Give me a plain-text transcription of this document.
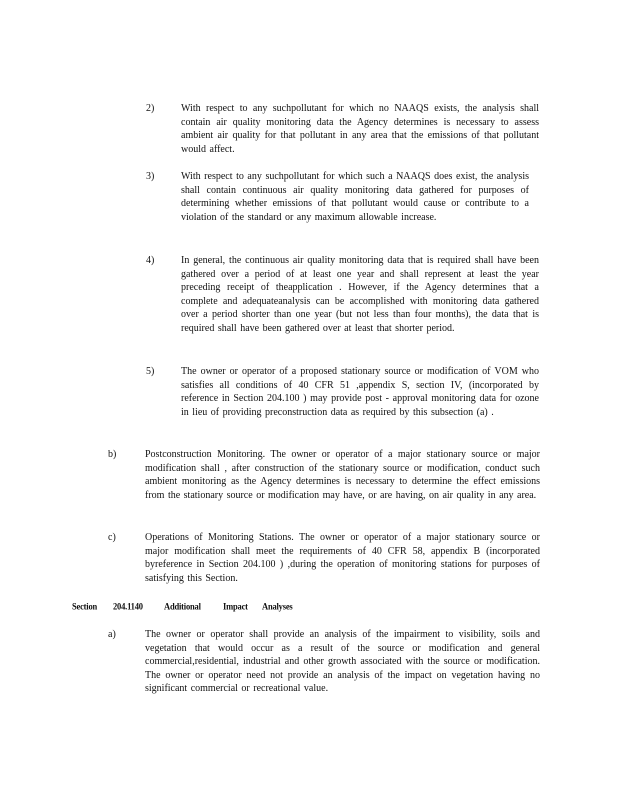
2)	With respect to any suchpollutant for which no NAAQS exists, the analysis shall contain air quality monitoring data the Agency determines is necessary to assess ambient air quality for that pollutant in any area that the emissions of that pollutant would affect.
3)	With respect to any suchpollutant for which such a NAAQS does exist, the analysis shall contain continuous air quality monitoring data gathered for purposes of determining whether emissions of that pollutant would cause or contribute to a violation of the standard or any maximum allowable increase.
4)	In general, the continuous air quality monitoring data that is required shall have been gathered over a period of at least one year and shall represent at least the year preceding receipt of theapplication . However, if the Agency determines that a complete and adequateanalysis can be accomplished with monitoring data gathered over a period shorter than one year (but not less than four months), the data that is required shall have been gathered over at least that shorter period.
5)	The owner or operator of a proposed stationary source or modification of VOM who satisfies all conditions of 40 CFR 51 ,appendix S, section IV, (incorporated by reference in Section 204.100 ) may provide post - approval monitoring data for ozone in lieu of providing preconstruction data as required by this subsection (a) .
b)	Postconstruction Monitoring. The owner or operator of a major stationary source or major modification shall , after construction of the stationary source or modification, conduct such ambient monitoring as the Agency determines is necessary to determine the effect emissions from the stationary source or modification may have, or are having, on air quality in any area.
c)	Operations of Monitoring Stations. The owner or operator of a major stationary source or major modification shall meet the requirements of 40 CFR 58, appendix B (incorporated byreference in Section 204.100 ) ,during the operation of monitoring stations for purposes of satisfying this Section.
Section 204.1140 Additional	Impact Analyses
a)	The owner or operator shall provide an analysis of the impairment to visibility, soils and vegetation that would occur as a result of the source or modification and general commercial,residential, industrial and other growth associated with the source or modification. The owner or operator need not provide an analysis of the impact on vegetation having no significant commercial or recreational value.
